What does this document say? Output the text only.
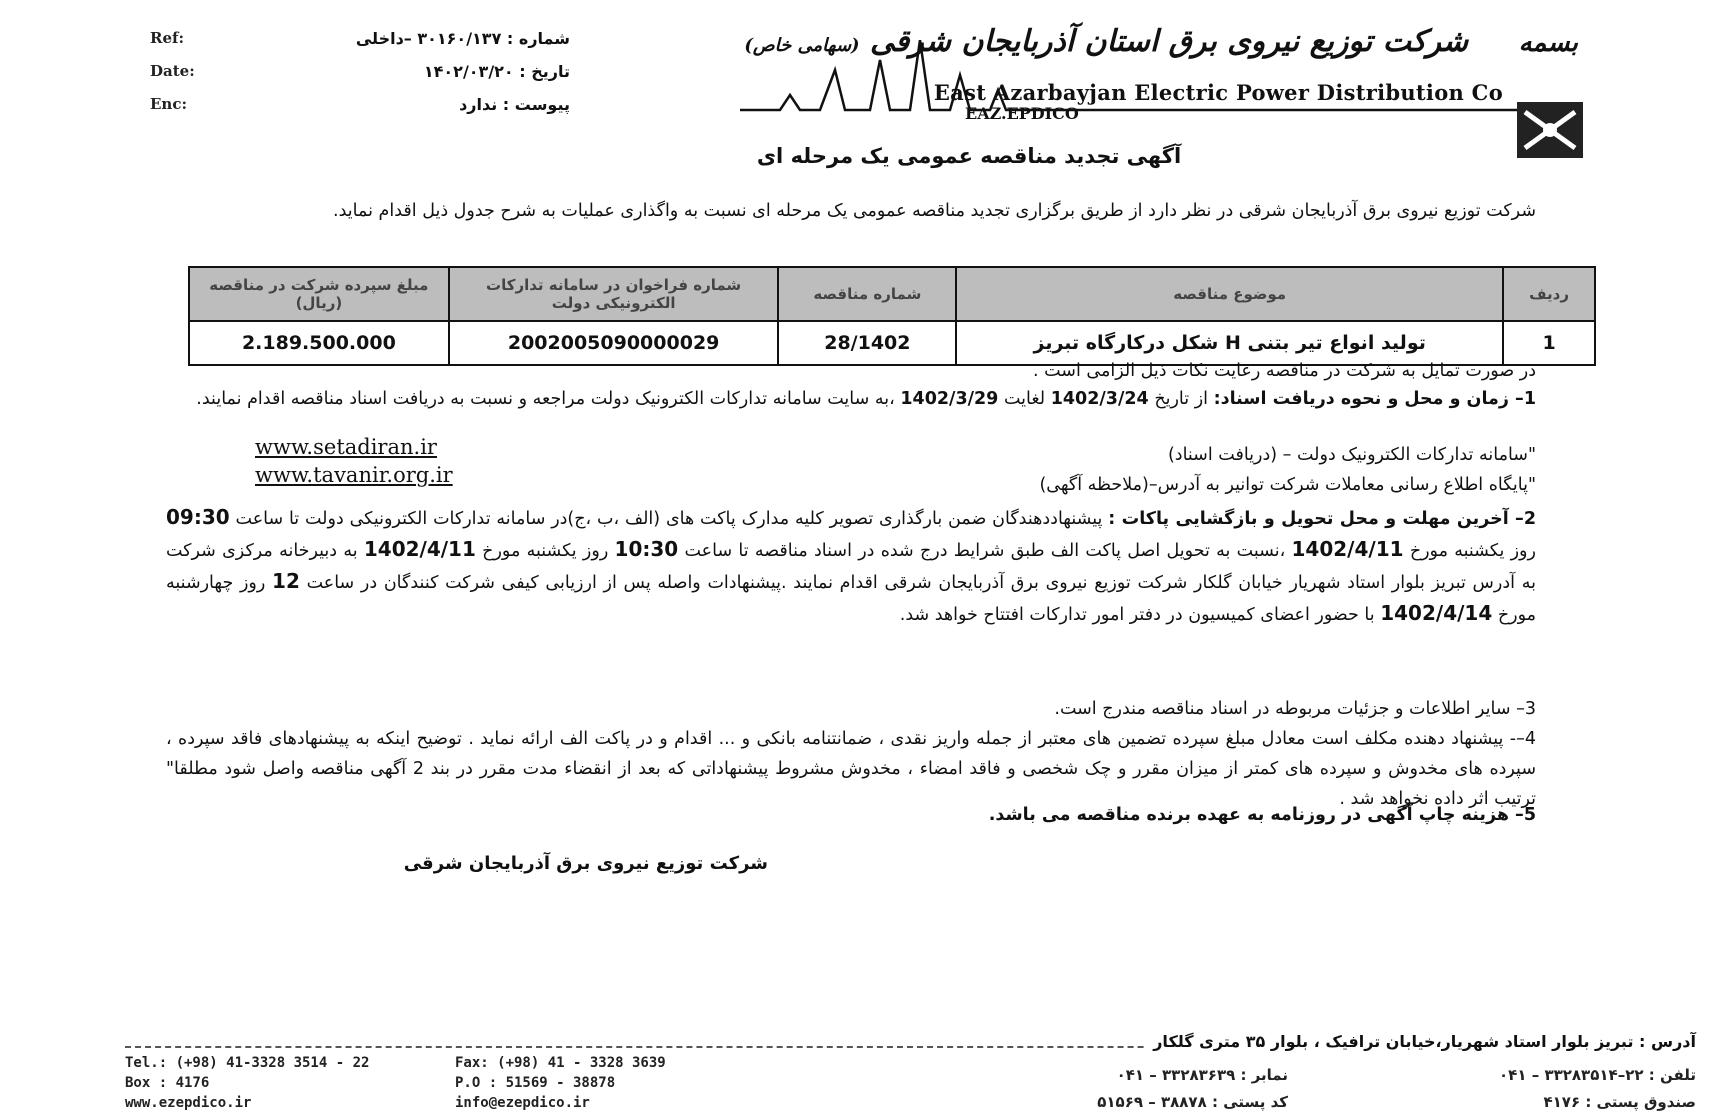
Ref:	شماره : ۳۰۱۶۰/۱۳۷ –داخلی
Date:	تاریخ : ۱۴۰۲/۰۳/۲۰
Enc:	پیوست : ندارد
بسمه شرکت توزیع نیروی برق استان آذربایجان شرقی (سهامی خاص)
East Azarbayjan Electric Power Distribution Co
EAZ.EPDICO
آگهی تجدید مناقصه عمومی یک مرحله ای
شرکت توزیع نیروی برق آذربایجان شرقی در نظر دارد از طریق برگزاری تجدید مناقصه عمومی یک مرحله ای نسبت به واگذاری عملیات به شرح جدول ذیل اقدام نماید.
ردیف	موضوع مناقصه	شماره مناقصه	شماره فراخوان در سامانه تدارکات الکترونیکی دولت	مبلغ سپرده شرکت در مناقصه (ریال)
1	تولید انواع تیر بتنی H شکل درکارگاه تبریز	28/1402	2002005090000029	2.189.500.000
در صورت تمایل به شرکت در مناقصه رعایت نکات ذیل الزامی است .
1– زمان و محل و نحوه دریافت اسناد: از تاریخ 1402/3/24 لغایت 1402/3/29 ،به سایت سامانه تدارکات الکترونیک دولت مراجعه و نسبت به دریافت اسناد مناقصه اقدام نمایند.
"سامانه تدارکات الکترونیک دولت – (دریافت اسناد)
"پایگاه اطلاع رسانی معاملات شرکت توانیر به آدرس–(ملاحظه آگهی)
www.setadiran.ir
www.tavanir.org.ir
2– آخرین مهلت و محل تحویل و بازگشایی پاکات : پیشنهاددهندگان ضمن بارگذاری تصویر کلیه مدارک پاکت های (الف ،ب ،ج)در سامانه تدارکات الکترونیکی دولت تا ساعت 09:30 روز یکشنبه مورخ 1402/4/11 ،نسبت به تحویل اصل پاکت الف طبق شرایط درج شده در اسناد مناقصه تا ساعت 10:30 روز یکشنبه مورخ 1402/4/11 به دبیرخانه مرکزی شرکت به آدرس تبریز بلوار استاد شهریار خیابان گلکار شرکت توزیع نیروی برق آذربایجان شرقی اقدام نمایند .پیشنهادات واصله پس از ارزیابی کیفی شرکت کنندگان در ساعت 12 روز چهارشنبه مورخ 1402/4/14 با حضور اعضای کمیسیون در دفتر امور تدارکات افتتاح خواهد شد.
3– سایر اطلاعات و جزئیات مربوطه در اسناد مناقصه مندرج است.
4–- پیشنهاد دهنده مکلف است معادل مبلغ سپرده تضمین های معتبر از جمله واریز نقدی ، ضمانتنامه بانکی و ... اقدام و در پاکت الف ارائه نماید . توضیح اینکه به پیشنهادهای فاقد سپرده ، سپرده های مخدوش و سپرده های کمتر از میزان مقرر و چک شخصی و فاقد امضاء ، مخدوش مشروط پیشنهاداتی که بعد از انقضاء مدت مقرر در بند 2 آگهی مناقصه واصل شود مطلقا" ترتیب اثر داده نخواهد شد .
5– هزینه چاپ آگهی در روزنامه به عهده برنده مناقصه می باشد.
شرکت توزیع نیروی برق آذربایجان شرقی
آدرس : تبریز بلوار استاد شهریار،خیابان ترافیک ، بلوار ۳۵ متری گلکار
Tel.: (+98) 41-3328 3514 - 22	Fax: (+98) 41 - 3328 3639
Box : 4176	P.O : 51569 - 38878
www.ezepdico.ir	info@ezepdico.ir
تلفن : ۲۲–۳۳۲۸۳۵۱۴ – ۰۴۱
نمابر : ۳۳۲۸۳۶۳۹ – ۰۴۱
صندوق پستی : ۴۱۷۶
کد پستی : ۳۸۸۷۸ – ۵۱۵۶۹
